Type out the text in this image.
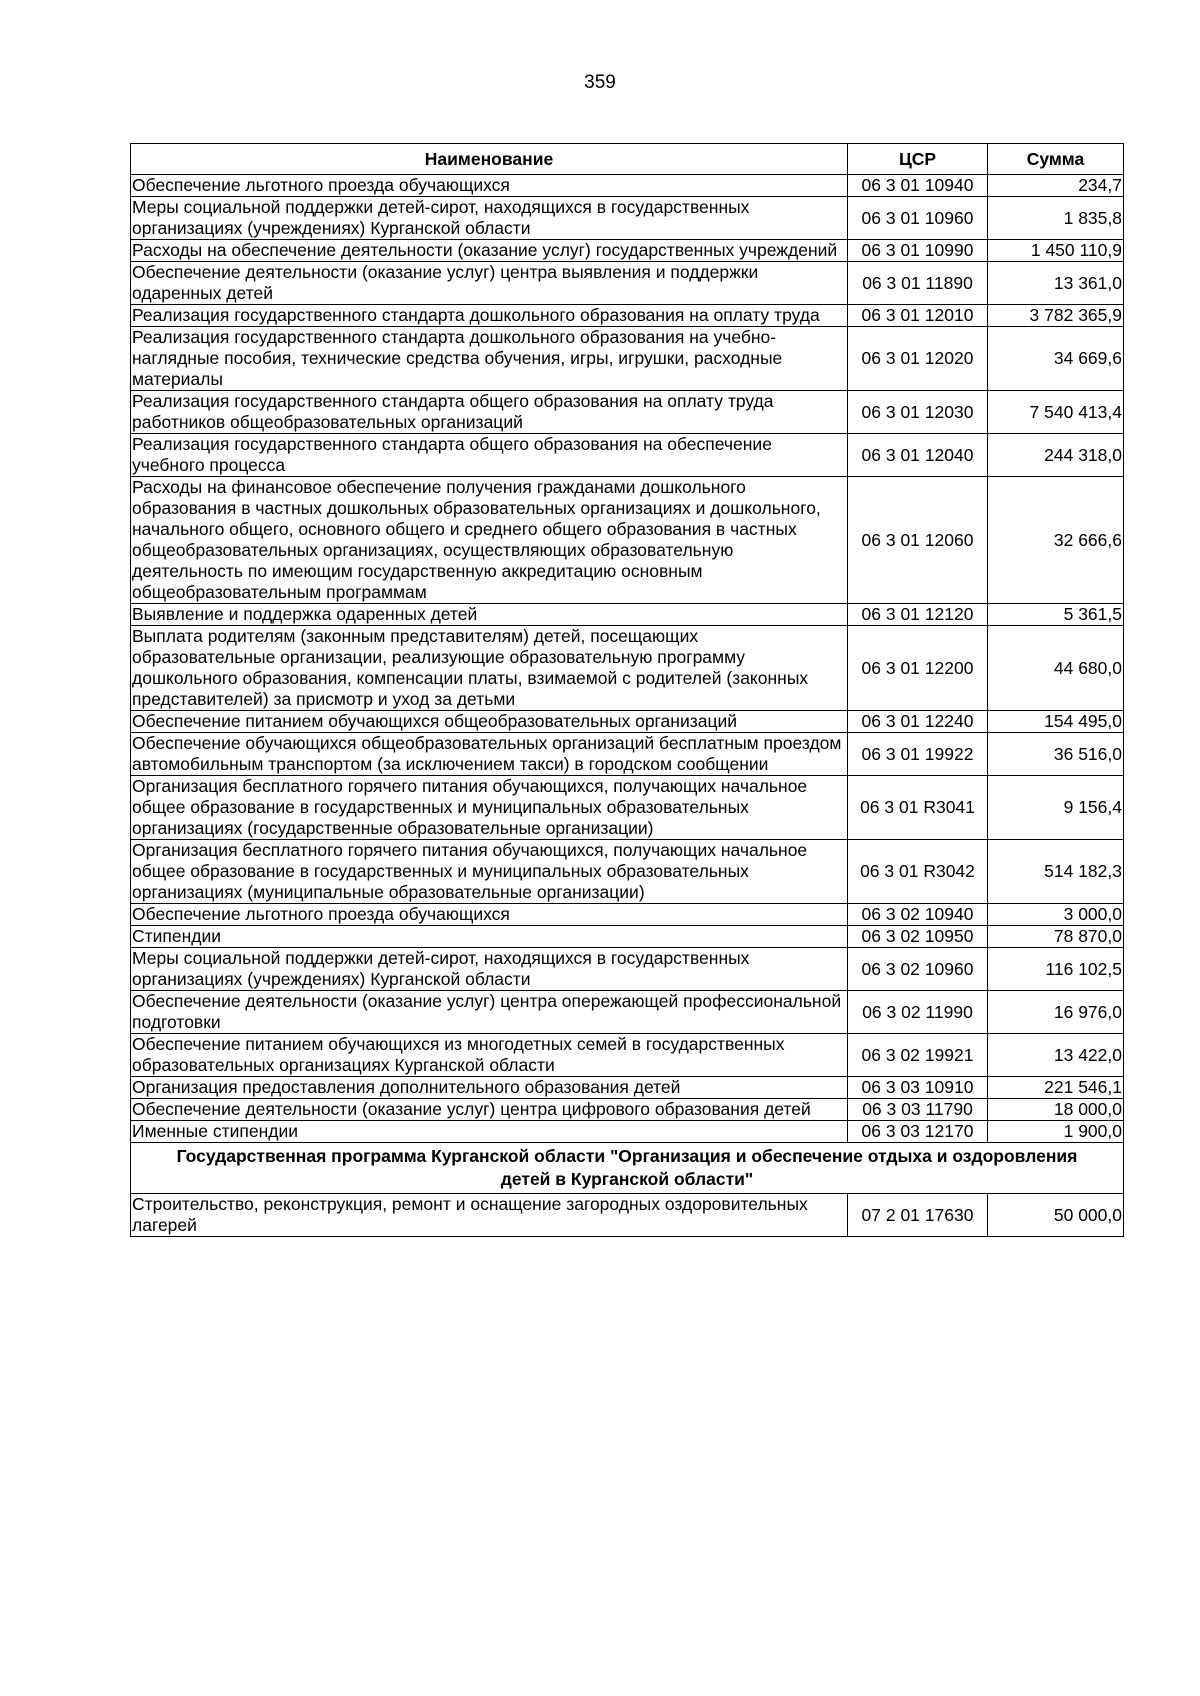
359
Наименование	ЦСР	Сумма
Обеспечение льготного проезда обучающихся	06 3 01 10940	234,7
Меры социальной поддержки детей-сирот, находящихся в государственных организациях (учреждениях) Курганской области	06 3 01 10960	1 835,8
Расходы на обеспечение деятельности (оказание услуг) государственных учреждений	06 3 01 10990	1 450 110,9
Обеспечение деятельности (оказание услуг) центра выявления и поддержки одаренных детей	06 3 01 11890	13 361,0
Реализация государственного стандарта дошкольного образования на оплату труда	06 3 01 12010	3 782 365,9
Реализация государственного стандарта дошкольного образования на учебно-наглядные пособия, технические средства обучения, игры, игрушки, расходные материалы	06 3 01 12020	34 669,6
Реализация государственного стандарта общего образования на оплату труда работников общеобразовательных организаций	06 3 01 12030	7 540 413,4
Реализация государственного стандарта общего образования на обеспечение учебного процесса	06 3 01 12040	244 318,0
Расходы на финансовое обеспечение получения гражданами дошкольного образования в частных дошкольных образовательных организациях и дошкольного, начального общего, основного общего и среднего общего образования в частных общеобразовательных организациях, осуществляющих образовательную деятельность по имеющим государственную аккредитацию основным общеобразовательным программам	06 3 01 12060	32 666,6
Выявление и поддержка одаренных детей	06 3 01 12120	5 361,5
Выплата родителям (законным представителям) детей, посещающих образовательные организации, реализующие образовательную программу дошкольного образования, компенсации платы, взимаемой с родителей (законных представителей) за присмотр и уход за детьми	06 3 01 12200	44 680,0
Обеспечение питанием обучающихся общеобразовательных организаций	06 3 01 12240	154 495,0
Обеспечение обучающихся общеобразовательных организаций бесплатным проездом автомобильным транспортом (за исключением такси) в городском сообщении	06 3 01 19922	36 516,0
Организация бесплатного горячего питания обучающихся, получающих начальное общее образование в государственных и муниципальных образовательных организациях (государственные образовательные организации)	06 3 01 R3041	9 156,4
Организация бесплатного горячего питания обучающихся, получающих начальное общее образование в государственных и муниципальных образовательных организациях (муниципальные образовательные организации)	06 3 01 R3042	514 182,3
Обеспечение льготного проезда обучающихся	06 3 02 10940	3 000,0
Стипендии	06 3 02 10950	78 870,0
Меры социальной поддержки детей-сирот, находящихся в государственных организациях (учреждениях) Курганской области	06 3 02 10960	116 102,5
Обеспечение деятельности (оказание услуг) центра опережающей профессиональной подготовки	06 3 02 11990	16 976,0
Обеспечение питанием обучающихся из многодетных семей в государственных образовательных организациях Курганской области	06 3 02 19921	13 422,0
Организация предоставления дополнительного образования детей	06 3 03 10910	221 546,1
Обеспечение деятельности (оказание услуг) центра цифрового образования детей	06 3 03 11790	18 000,0
Именные стипендии	06 3 03 12170	1 900,0
Государственная программа Курганской области "Организация и обеспечение отдыха и оздоровления детей в Курганской области"		
Строительство, реконструкция, ремонт и оснащение загородных оздоровительных лагерей	07 2 01 17630	50 000,0
